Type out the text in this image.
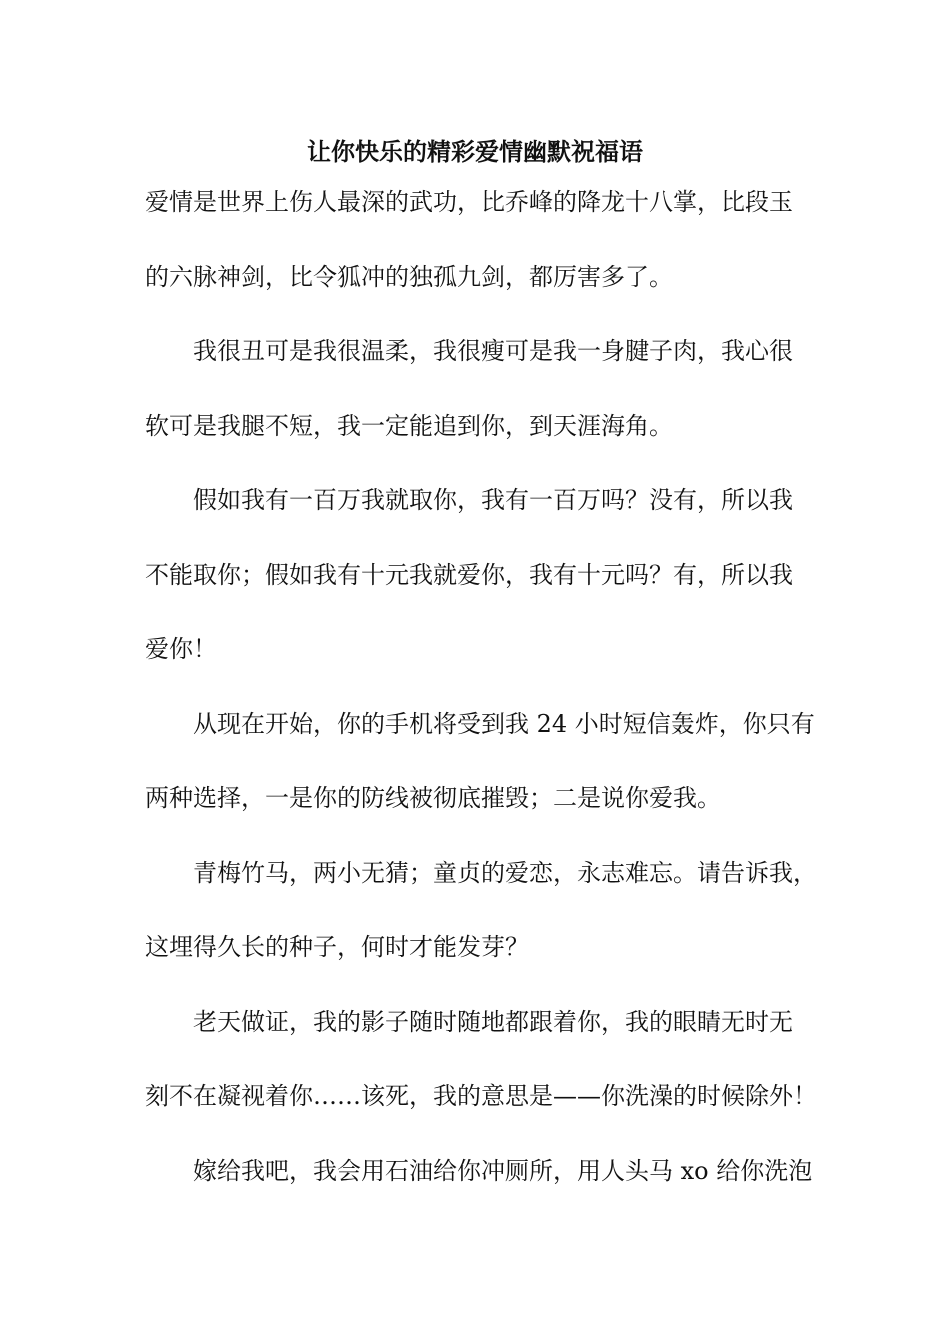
让你快乐的精彩爱情幽默祝福语
爱情是世界上伤人最深的武功，比乔峰的降龙十八掌，比段玉
的六脉神剑，比令狐冲的独孤九剑，都厉害多了。
我很丑可是我很温柔，我很瘦可是我一身腱子肉，我心很
软可是我腿不短，我一定能追到你，到天涯海角。
假如我有一百万我就取你，我有一百万吗？没有，所以我
不能取你；假如我有十元我就爱你，我有十元吗？有，所以我
爱你！
从现在开始，你的手机将受到我 24 小时短信轰炸，你只有
两种选择，一是你的防线被彻底摧毁；二是说你爱我。
青梅竹马，两小无猜；童贞的爱恋，永志难忘。请告诉我，
这埋得久长的种子，何时才能发芽？
老天做证，我的影子随时随地都跟着你，我的眼睛无时无
刻不在凝视着你……该死，我的意思是——你洗澡的时候除外！
嫁给我吧，我会用石油给你冲厕所，用人头马 xo 给你洗泡
